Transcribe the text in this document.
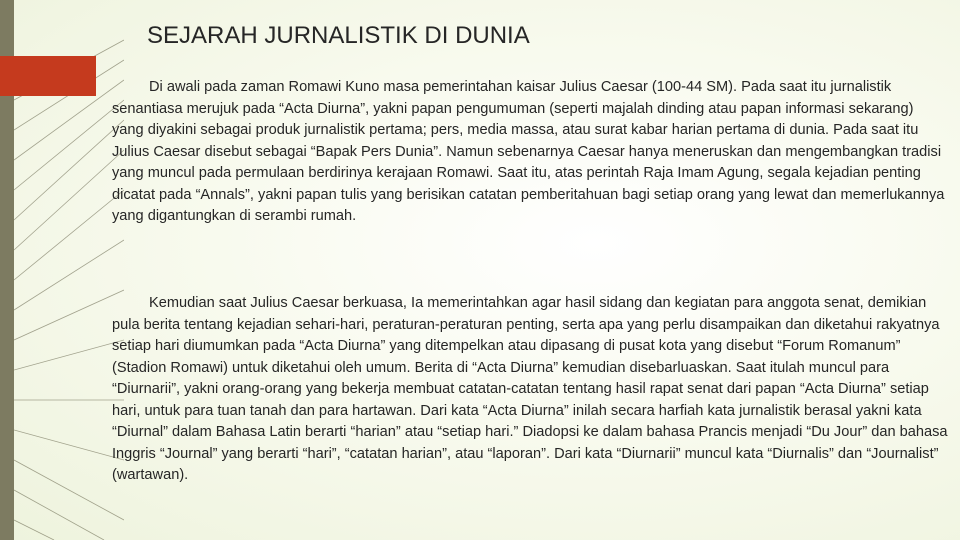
SEJARAH JURNALISTIK DI DUNIA

Di awali pada zaman Romawi Kuno masa pemerintahan kaisar Julius Caesar (100-44 SM). Pada saat itu jurnalistik senantiasa merujuk pada “Acta Diurna”, yakni papan pengumuman (seperti majalah dinding atau papan informasi sekarang) yang diyakini sebagai produk jurnalistik pertama; pers, media massa, atau surat kabar harian pertama di dunia. Pada saat itu Julius Caesar disebut sebagai “Bapak Pers Dunia”. Namun sebenarnya Caesar hanya meneruskan dan mengembangkan tradisi yang muncul pada permulaan berdirinya kerajaan Romawi. Saat itu, atas perintah Raja Imam Agung, segala kejadian penting dicatat pada “Annals”, yakni papan tulis yang berisikan catatan pemberitahuan bagi setiap orang yang lewat dan memerlukannya yang digantungkan di serambi rumah.

Kemudian saat Julius Caesar berkuasa, Ia memerintahkan agar hasil sidang dan kegiatan para anggota senat, demikian pula berita tentang kejadian sehari-hari, peraturan-peraturan penting, serta apa yang perlu disampaikan dan diketahui rakyatnya setiap hari diumumkan pada “Acta Diurna” yang ditempelkan atau dipasang di pusat kota yang disebut “Forum Romanum” (Stadion Romawi) untuk diketahui oleh umum. Berita di “Acta Diurna” kemudian disebarluaskan. Saat itulah muncul para “Diurnarii”, yakni orang-orang yang bekerja membuat catatan-catatan tentang hasil rapat senat dari papan “Acta Diurna” setiap hari, untuk para tuan tanah dan para hartawan. Dari kata “Acta Diurna” inilah secara harfiah kata jurnalistik berasal yakni kata “Diurnal” dalam Bahasa Latin berarti “harian” atau “setiap hari.” Diadopsi ke dalam bahasa Prancis menjadi “Du Jour” dan bahasa Inggris “Journal” yang berarti “hari”, “catatan harian”, atau “laporan”. Dari kata “Diurnarii” muncul kata “Diurnalis” dan “Journalist” (wartawan).
